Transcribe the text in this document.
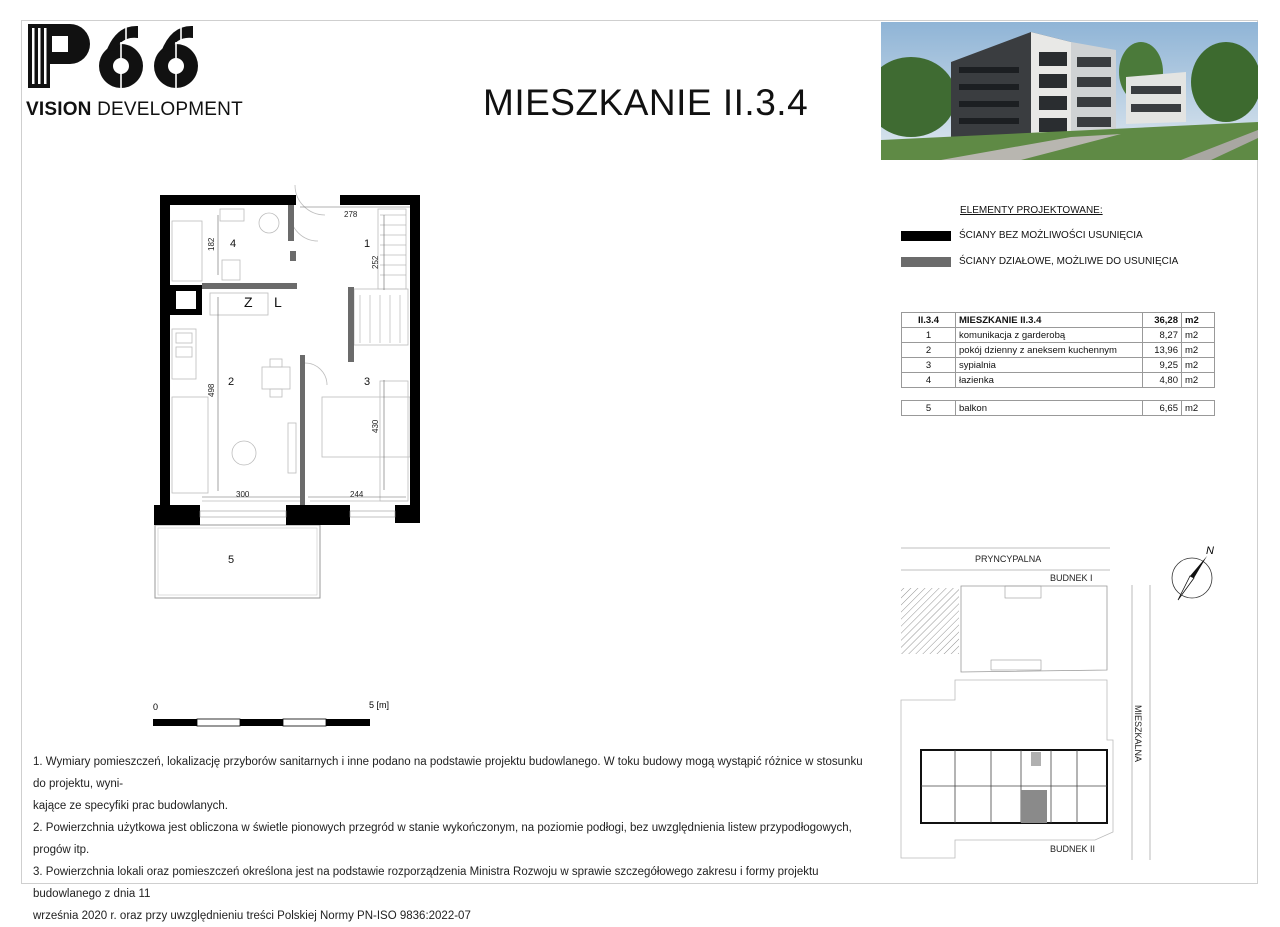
VISION DEVELOPMENT	MIESZKANIE II.3.4
ELEMENTY PROJEKTOWANE:
ŚCIANY BEZ MOŻLIWOŚCI USUNIĘCIA
ŚCIANY DZIAŁOWE, MOŻLIWE DO USUNIĘCIA
II.3.4	MIESZKANIE II.3.4	36,28	m2
1	komunikacja z garderobą	8,27	m2
2	pokój dzienny z aneksem kuchennym	13,96	m2
3	sypialnia	9,25	m2
4	łazienka	4,80	m2
5	balkon	6,65	m2
4	1
2	3
5
Z L
278
182
252
498
430
300	244
0	5 [m]
PRYNCYPALNA
MIESZKALNA
BUDNEK I
BUDNEK II
N

1. Wymiary pomieszczeń, lokalizację przyborów sanitarnych i inne podano na podstawie projektu budowlanego. W toku budowy mogą wystąpić różnice w stosunku do projektu, wyni-

kające ze specyfiki prac budowlanych.

2. Powierzchnia użytkowa jest obliczona w świetle pionowych przegród w stanie wykończonym, na poziomie podłogi, bez uwzględnienia listew przypodłogowych, progów itp.

3. Powierzchnia lokali oraz pomieszczeń określona jest na podstawie rozporządzenia Ministra Rozwoju w sprawie szczegółowego zakresu i formy projektu budowlanego z dnia 11

września 2020 r. oraz przy uwzględnieniu treści Polskiej Normy PN-ISO 9836:2022-07
